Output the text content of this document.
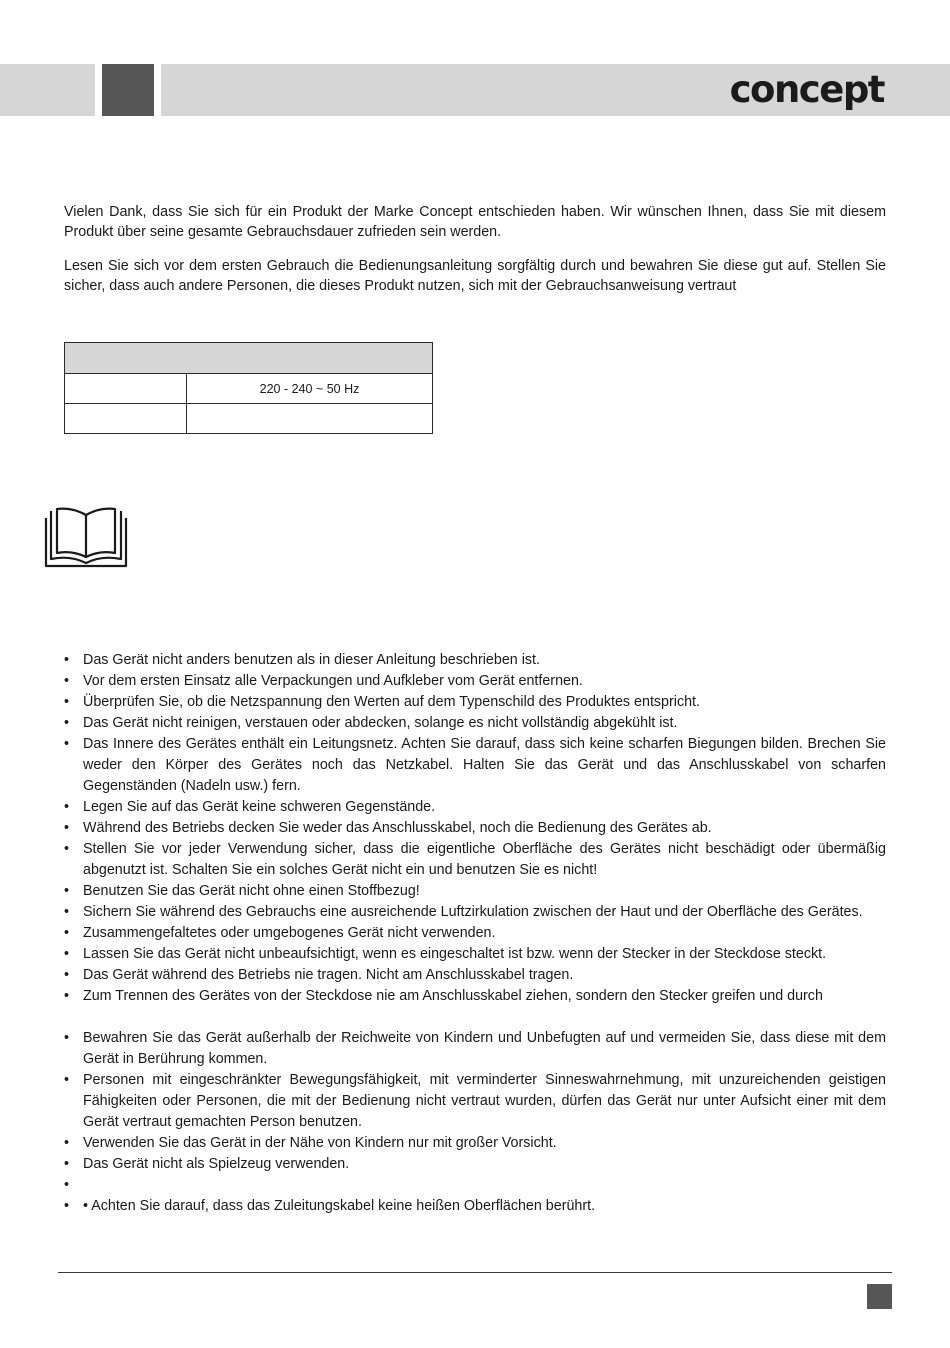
concept

Vielen Dank, dass Sie sich für ein Produkt der Marke Concept entschieden haben. Wir wünschen Ihnen, dass Sie mit diesem Produkt über seine gesamte Gebrauchsdauer zufrieden sein werden.

Lesen Sie sich vor dem ersten Gebrauch die Bedienungsanleitung sorgfältig durch und bewahren Sie diese gut auf. Stellen Sie sicher, dass auch andere Personen, die dieses Produkt nutzen, sich mit der Gebrauchsanweisung vertraut

	220 - 240 ~ 50 Hz

• Das Gerät nicht anders benutzen als in dieser Anleitung beschrieben ist.
• Vor dem ersten Einsatz alle Verpackungen und Aufkleber vom Gerät entfernen.
• Überprüfen Sie, ob die Netzspannung den Werten auf dem Typenschild des Produktes entspricht.
• Das Gerät nicht reinigen, verstauen oder abdecken, solange es nicht vollständig abgekühlt ist.
• Das Innere des Gerätes enthält ein Leitungsnetz. Achten Sie darauf, dass sich keine scharfen Biegungen bilden. Brechen Sie weder den Körper des Gerätes noch das Netzkabel. Halten Sie das Gerät und das Anschlusskabel von scharfen Gegenständen (Nadeln usw.) fern.
• Legen Sie auf das Gerät keine schweren Gegenstände.
• Während des Betriebs decken Sie weder das Anschlusskabel, noch die Bedienung des Gerätes ab.
• Stellen Sie vor jeder Verwendung sicher, dass die eigentliche Oberfläche des Gerätes nicht beschädigt oder übermäßig abgenutzt ist. Schalten Sie ein solches Gerät nicht ein und benutzen Sie es nicht!
• Benutzen Sie das Gerät nicht ohne einen Stoffbezug!
• Sichern Sie während des Gebrauchs eine ausreichende Luftzirkulation zwischen der Haut und der Oberfläche des Gerätes.
• Zusammengefaltetes oder umgebogenes Gerät nicht verwenden.
• Lassen Sie das Gerät nicht unbeaufsichtigt, wenn es eingeschaltet ist bzw. wenn der Stecker in der Steckdose steckt.
• Das Gerät während des Betriebs nie tragen. Nicht am Anschlusskabel tragen.
• Zum Trennen des Gerätes von der Steckdose nie am Anschlusskabel ziehen, sondern den Stecker greifen und durch
• Bewahren Sie das Gerät außerhalb der Reichweite von Kindern und Unbefugten auf und vermeiden Sie, dass diese mit dem Gerät in Berührung kommen.
• Personen mit eingeschränkter Bewegungsfähigkeit, mit verminderter Sinneswahrnehmung, mit unzureichenden geistigen Fähigkeiten oder Personen, die mit der Bedienung nicht vertraut wurden, dürfen das Gerät nur unter Aufsicht einer mit dem Gerät vertraut gemachten Person benutzen.
• Verwenden Sie das Gerät in der Nähe von Kindern nur mit großer Vorsicht.
• Das Gerät nicht als Spielzeug verwenden.
•
• • Achten Sie darauf, dass das Zuleitungskabel keine heißen Oberflächen berührt.
